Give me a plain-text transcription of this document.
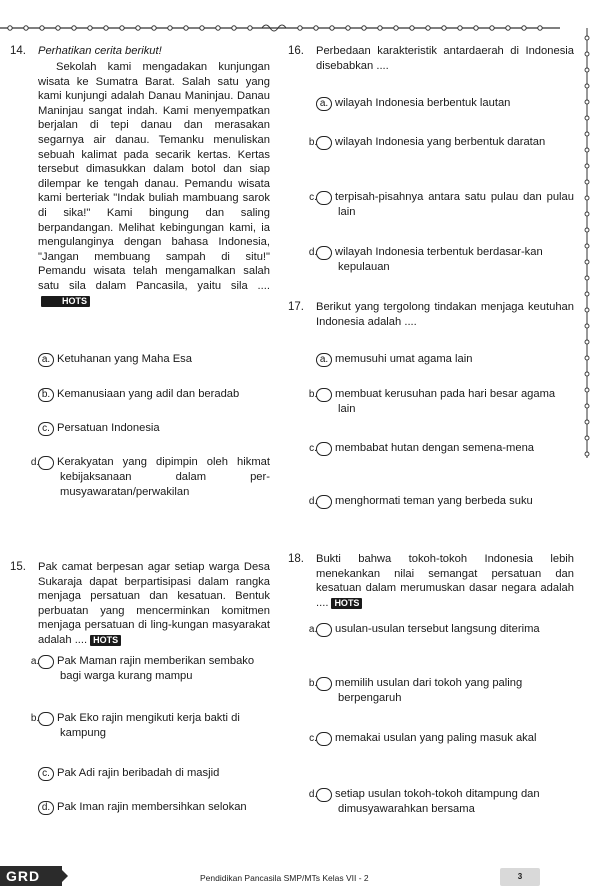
14. Perhatikan cerita berikut!
Sekolah kami mengadakan kunjungan wisata ke Sumatra Barat. Salah satu yang kami kunjungi adalah Danau Maninjau. Danau Maninjau sangat indah. Kami menyempatkan berjalan di tepi danau dan merasakan segarnya air danau. Temanku menuliskan sebuah kalimat pada secarik kertas. Kertas tersebut dimasukkan dalam botol dan siap dilempar ke tengah danau. Pemandu wisata kami berteriak "Indak buliah mambuang sarok di sika!" Kami bingung dan saling berpandangan. Melihat kebingungan kami, ia mengulanginya dengan bahasa Indonesia, "Jangan membuang sampah di situ!" Pemandu wisata telah mengamalkan salah satu sila dalam Pancasila, yaitu sila ....HOTS
a. Ketuhanan yang Maha Esa
b. Kemanusiaan yang adil dan beradab
c. Persatuan Indonesia
d. Kerakyatan yang dipimpin oleh hikmat kebijaksanaan dalam per-musyawaratan/perwakilan
15. Pak camat berpesan agar setiap warga Desa Sukaraja dapat berpartisipasi dalam rangka menjaga persatuan dan kesatuan. Bentuk perbuatan yang mencerminkan komitmen menjaga persatuan di ling-kungan masyarakat adalah .... HOTS
a. Pak Maman rajin memberikan sembako bagi warga kurang mampu
b. Pak Eko rajin mengikuti kerja bakti di kampung
c. Pak Adi rajin beribadah di masjid
d. Pak Iman rajin membersihkan selokan
16. Perbedaan karakteristik antardaerah di Indonesia disebabkan ....
a. wilayah Indonesia berbentuk lautan
b. wilayah Indonesia yang berbentuk daratan
c. terpisah-pisahnya antara satu pulau dan pulau lain
d. wilayah Indonesia terbentuk berdasar-kan kepulauan
17. Berikut yang tergolong tindakan menjaga keutuhan Indonesia adalah ....
a. memusuhi umat agama lain
b. membuat kerusuhan pada hari besar agama lain
c. membabat hutan dengan semena-mena
d. menghormati teman yang berbeda suku
18. Bukti bahwa tokoh-tokoh Indonesia lebih menekankan nilai semangat persatuan dan kesatuan dalam merumuskan dasar negara adalah .... HOTS
a. usulan-usulan tersebut langsung diterima
b. memilih usulan dari tokoh yang paling berpengaruh
c. memakai usulan yang paling masuk akal
d. setiap usulan tokoh-tokoh ditampung dan dimusyawarahkan bersama
GRD	Pendidikan Pancasila SMP/MTs Kelas VII - 2	3
